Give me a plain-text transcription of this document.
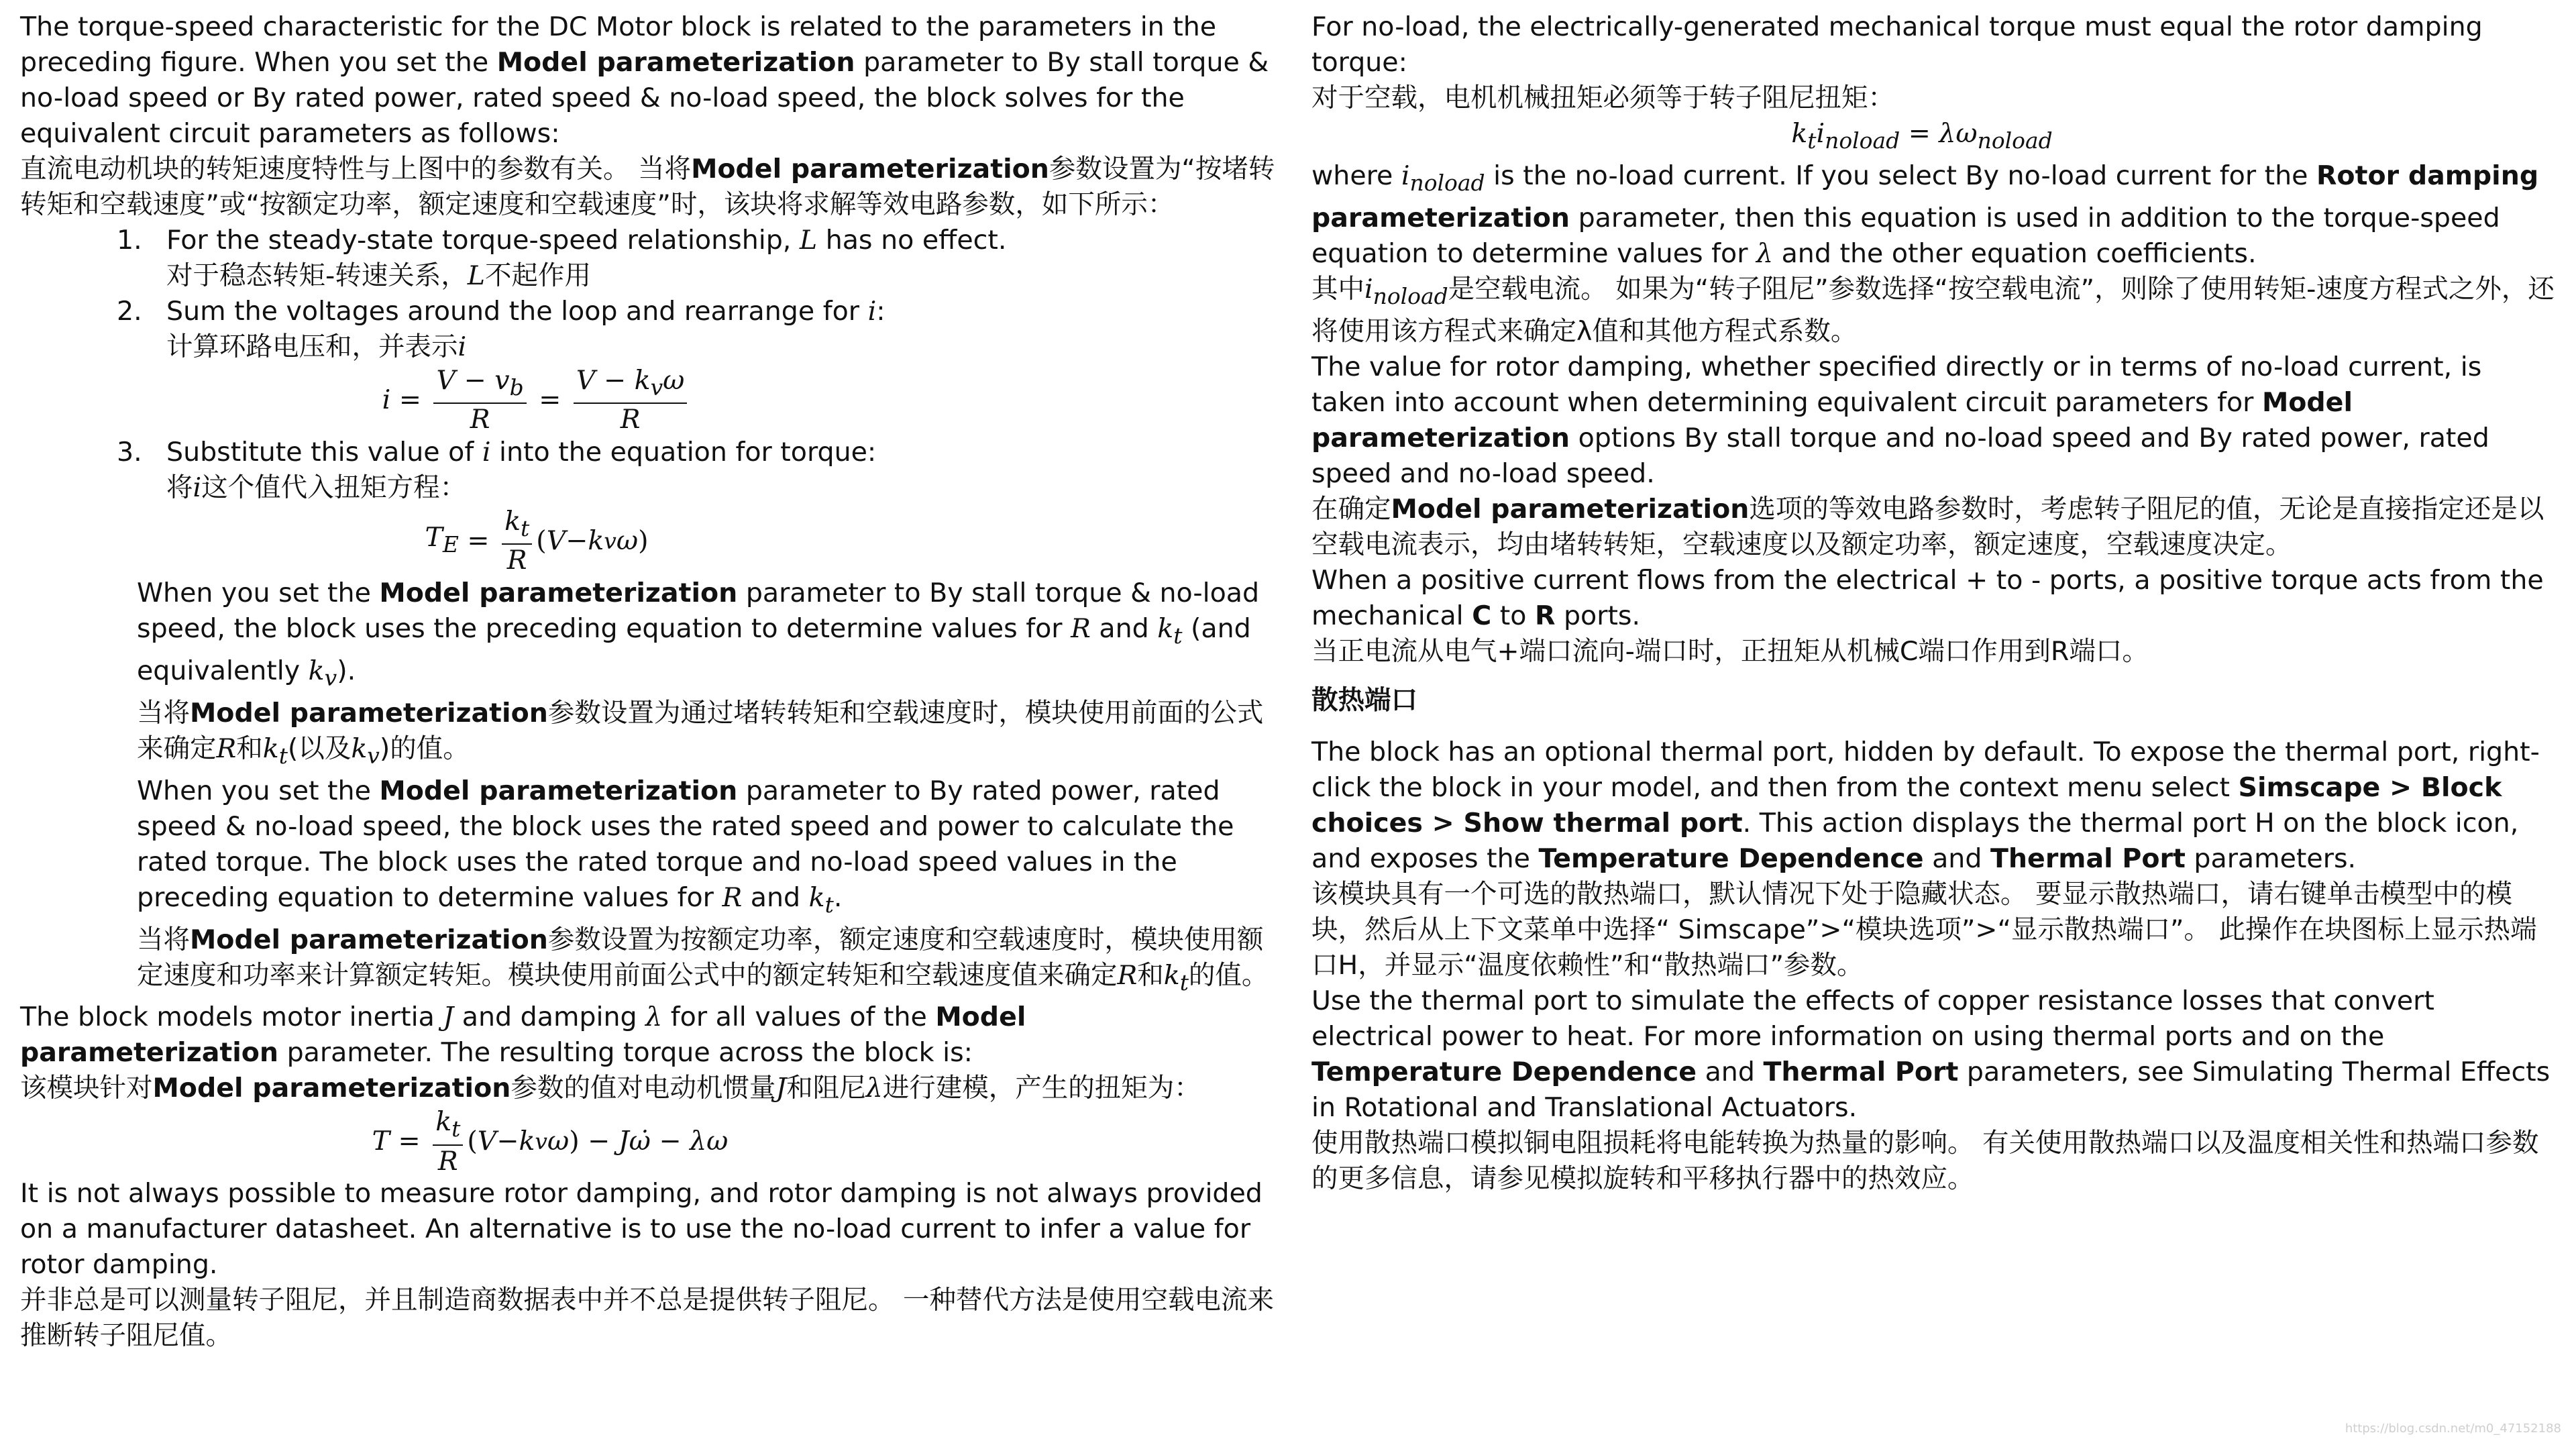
The torque-speed characteristic for the DC Motor block is related to the parameters in the preceding figure. When you set the Model parameterization parameter to By stall torque & no-load speed or By rated power, rated speed & no-load speed, the block solves for the equivalent circuit parameters as follows:

直流电动机块的转矩速度特性与上图中的参数有关。 当将Model parameterization参数设置为“按堵转转矩和空载速度”或“按额定功率，额定速度和空载速度”时，该块将求解等效电路参数，如下所示：

1. For the steady-state torque-speed relationship, L has no effect.
对于稳态转矩-转速关系，L不起作用
2. Sum the voltages around the loop and rearrange for i:
计算环路电压和，并表示i
$i = \frac{V - v_b}{R} = \frac{V - k_v\omega}{R}$
3. Substitute this value of i into the equation for torque:
将i这个值代入扭矩方程：
$T_E = \frac{k_t}{R}$ ( V − k v ω )

When you set the Model parameterization parameter to By stall torque & no-load speed, the block uses the preceding equation to determine values for R and $k_t$ (and equivalently $k_v$).

当将Model parameterization参数设置为通过堵转转矩和空载速度时，模块使用前面的公式来确定R和$k_t$(以及$k_v$)的值。

When you set the Model parameterization parameter to By rated power, rated speed & no-load speed, the block uses the rated speed and power to calculate the rated torque. The block uses the rated torque and no-load speed values in the preceding equation to determine values for R and $k_t$.

当将Model parameterization参数设置为按额定功率，额定速度和空载速度时，模块使用额定速度和功率来计算额定转矩。模块使用前面公式中的额定转矩和空载速度值来确定R和$k_t$的值。

The block models motor inertia J and damping λ for all values of the Model parameterization parameter. The resulting torque across the block is:

该模块针对Model parameterization参数的值对电动机惯量J和阻尼λ进行建模，产生的扭矩为：

$T = \frac{k_t}{R}$ ( V − k v ω ) − J ω̇ − λω

It is not always possible to measure rotor damping, and rotor damping is not always provided on a manufacturer datasheet. An alternative is to use the no-load current to infer a value for rotor damping.

并非总是可以测量转子阻尼，并且制造商数据表中并不总是提供转子阻尼。 一种替代方法是使用空载电流来推断转子阻尼值。

For no-load, the electrically-generated mechanical torque must equal the rotor damping torque:

对于空载，电机机械扭矩必须等于转子阻尼扭矩：

$k_ti_{noload} = \lambda\omega_{noload}$

where $i_{noload}$ is the no-load current. If you select By no-load current for the Rotor damping parameterization parameter, then this equation is used in addition to the torque-speed equation to determine values for λ and the other equation coefficients.

其中$i_{noload}$是空载电流。 如果为“转子阻尼”参数选择“按空载电流”，则除了使用转矩-速度方程式之外，还将使用该方程式来确定λ值和其他方程式系数。

The value for rotor damping, whether specified directly or in terms of no-load current, is taken into account when determining equivalent circuit parameters for Model parameterization options By stall torque and no-load speed and By rated power, rated speed and no-load speed.

在确定Model parameterization选项的等效电路参数时，考虑转子阻尼的值，无论是直接指定还是以空载电流表示，均由堵转转矩，空载速度以及额定功率，额定速度，空载速度决定。

When a positive current flows from the electrical + to - ports, a positive torque acts from the mechanical C to R ports.

当正电流从电气+端口流向-端口时，正扭矩从机械C端口作用到R端口。

散热端口

The block has an optional thermal port, hidden by default. To expose the thermal port, right-click the block in your model, and then from the context menu select Simscape > Block choices > Show thermal port. This action displays the thermal port H on the block icon, and exposes the Temperature Dependence and Thermal Port parameters.

该模块具有一个可选的散热端口，默认情况下处于隐藏状态。 要显示散热端口，请右键单击模型中的模块，然后从上下文菜单中选择“ Simscape”>“模块选项”>“显示散热端口”。 此操作在块图标上显示热端口H，并显示“温度依赖性”和“散热端口”参数。

Use the thermal port to simulate the effects of copper resistance losses that convert electrical power to heat. For more information on using thermal ports and on the Temperature Dependence and Thermal Port parameters, see Simulating Thermal Effects in Rotational and Translational Actuators.

使用散热端口模拟铜电阻损耗将电能转换为热量的影响。 有关使用散热端口以及温度相关性和热端口参数的更多信息，请参见模拟旋转和平移执行器中的热效应。

https://blog.csdn.net/m0_47152188
